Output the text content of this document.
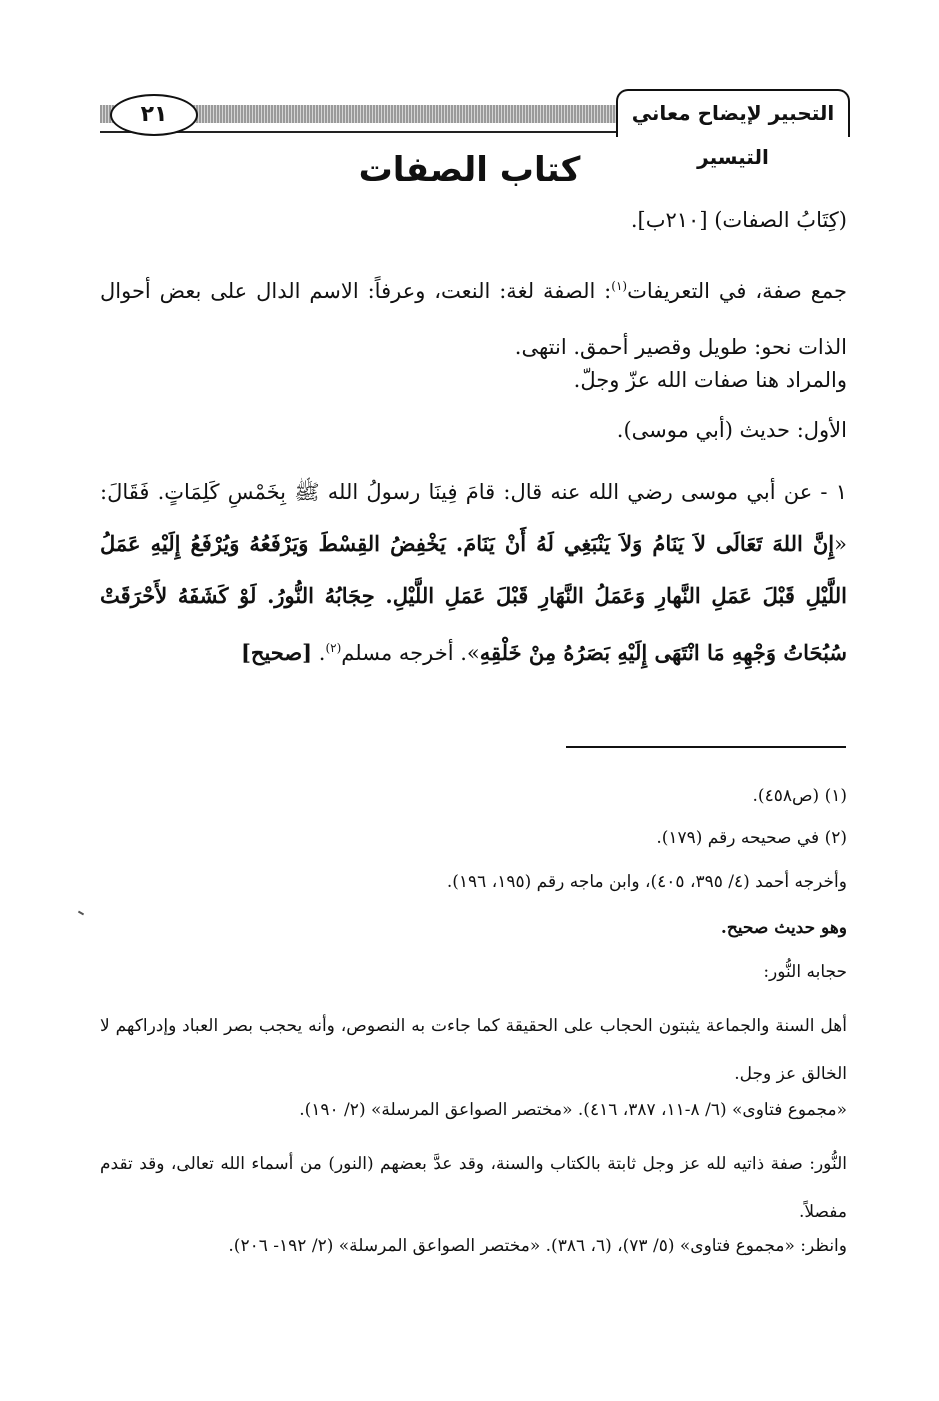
٢١	التحبير لإيضاح معاني التيسير
كتاب الصفات
(كِتَابُ الصفات) [٢١٠ب].
جمع صفة، في التعريفات$^{(١)}$: الصفة لغة: النعت، وعرفاً: الاسم الدال على بعض أحوال الذات نحو: طويل وقصير أحمق. انتهى.
والمراد هنا صفات الله عزّ وجلّ.
الأول: حديث (أبي موسى).
١ - عن أبي موسى رضي الله عنه قال: قامَ فِينَا رسولُ الله ﷺ بِخَمْسِ كَلِمَاتٍ. فَقَالَ: «إِنَّ اللهَ تَعَالَى لاَ يَنَامُ وَلاَ يَنْبَغِي لَهُ أَنْ يَنَامَ. يَخْفِضُ القِسْطَ وَيَرْفَعُهُ وَيُرْفَعُ إِلَيْهِ عَمَلُ اللَّيْلِ قَبْلَ عَمَلِ النَّهارِ وَعَمَلُ النَّهَارِ قَبْلَ عَمَلِ اللَّيْلِ. حِجَابُهُ النُّورُ. لَوْ كَشَفَهُ لأَحْرَقَتْ سُبُحَاتُ وَجْهِهِ مَا انْتَهَى إِلَيْهِ بَصَرُهُ مِنْ خَلْقِهِ». أخرجه مسلم$^{(٢)}$. [صحيح]
(١) (ص٤٥٨).
(٢) في صحيحه رقم (١٧٩).
وأخرجه أحمد (٤/ ٣٩٥، ٤٠٥)، وابن ماجه رقم (١٩٥، ١٩٦).
وهو حديث صحيح.
حجابه النُّور:
أهل السنة والجماعة يثبتون الحجاب على الحقيقة كما جاءت به النصوص، وأنه يحجب بصر العباد وإدراكهم لا الخالق عز وجل.
«مجموع فتاوى» (٦/ ٨-١١، ٣٨٧، ٤١٦). «مختصر الصواعق المرسلة» (٢/ ١٩٠).
النُّور: صفة ذاتيه لله عز وجل ثابتة بالكتاب والسنة، وقد عدَّ بعضهم (النور) من أسماء الله تعالى، وقد تقدم مفصلاً.
وانظر: «مجموع فتاوى» (٥/ ٧٣)، (٦، ٣٨٦). «مختصر الصواعق المرسلة» (٢/ ١٩٢- ٢٠٦).
